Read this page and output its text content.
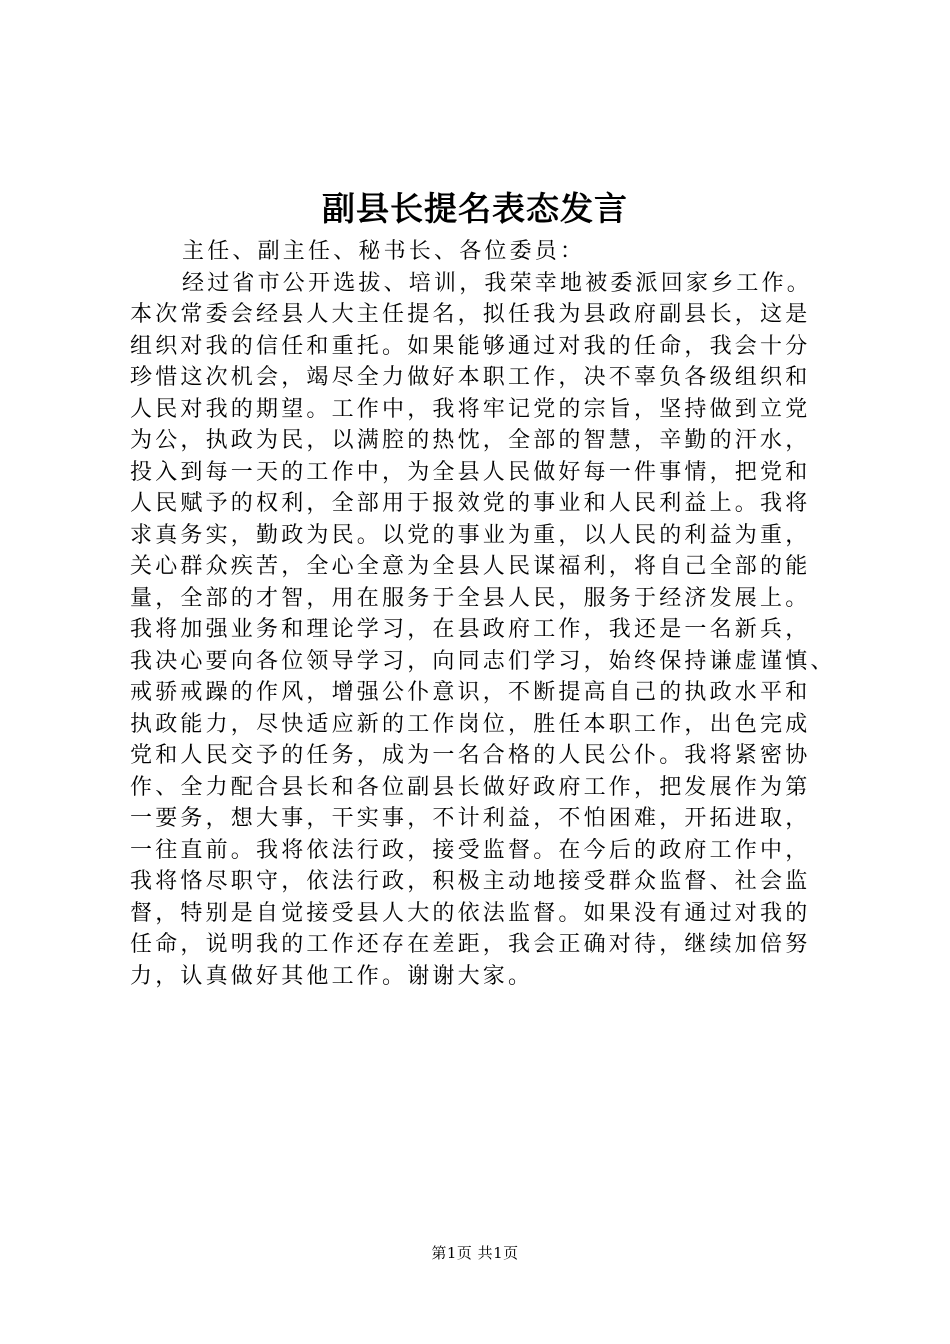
副县长提名表态发言
主任、副主任、秘书长、各位委员：
经过省市公开选拔、培训，我荣幸地被委派回家乡工作。
本次常委会经县人大主任提名，拟任我为县政府副县长，这是
组织对我的信任和重托。如果能够通过对我的任命，我会十分
珍惜这次机会，竭尽全力做好本职工作，决不辜负各级组织和
人民对我的期望。工作中，我将牢记党的宗旨，坚持做到立党
为公，执政为民，以满腔的热忱，全部的智慧，辛勤的汗水，
投入到每一天的工作中，为全县人民做好每一件事情，把党和
人民赋予的权利，全部用于报效党的事业和人民利益上。我将
求真务实，勤政为民。以党的事业为重，以人民的利益为重，
关心群众疾苦，全心全意为全县人民谋福利，将自己全部的能
量，全部的才智，用在服务于全县人民，服务于经济发展上。
我将加强业务和理论学习，在县政府工作，我还是一名新兵，
我决心要向各位领导学习，向同志们学习，始终保持谦虚谨慎、
戒骄戒躁的作风，增强公仆意识，不断提高自己的执政水平和
执政能力，尽快适应新的工作岗位，胜任本职工作，出色完成
党和人民交予的任务，成为一名合格的人民公仆。我将紧密协
作、全力配合县长和各位副县长做好政府工作，把发展作为第
一要务，想大事，干实事，不计利益，不怕困难，开拓进取，
一往直前。我将依法行政，接受监督。在今后的政府工作中，
我将恪尽职守，依法行政，积极主动地接受群众监督、社会监
督，特别是自觉接受县人大的依法监督。如果没有通过对我的
任命，说明我的工作还存在差距，我会正确对待，继续加倍努
力，认真做好其他工作。谢谢大家。
第1页 共1页
